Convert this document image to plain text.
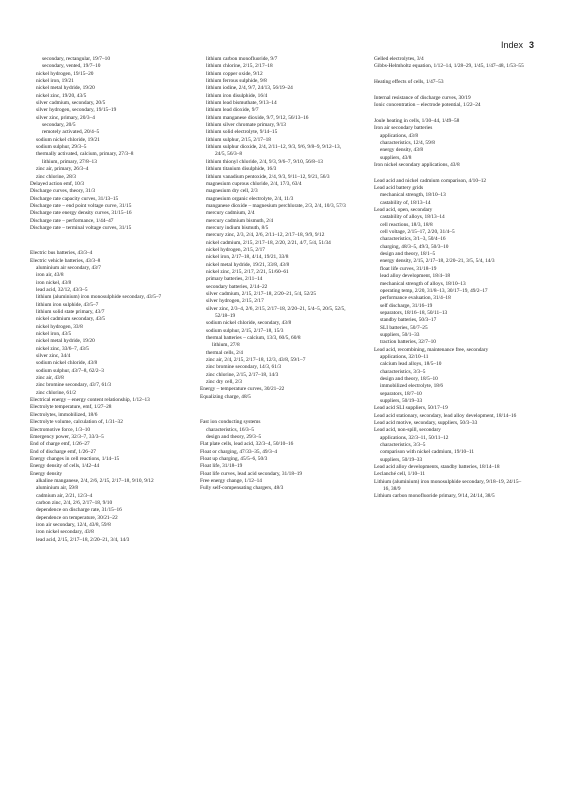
Index 3
secondary, rectangular, 19/7–10
secondary, vented, 19/7–10
nickel hydrogen, 19/15–20
nickel iron, 19/21
nickel metal hydride, 19/20
nickel zinc, 19/20, 43/5
silver cadmium, secondary, 20/5
silver hydrogen, secondary, 19/15–19
silver zinc, primary, 20/3–4
secondary, 20/5
remotely activated, 20/4–5
sodium nickel chloride, 19/21
sodium sulphur, 29/3–5
thermally activated, calcium, primary, 27/3–8
lithium, primary, 27/8–13
zinc air, primary, 26/3–4
zinc chlorine, 28/3
Delayed action emf, 10/3
Discharge curves, theory, 31/3
Discharge rate capacity curves, 31/13–15
Discharge rate – end point voltage curve, 31/15
Discharge rate energy density curves, 31/15–16
Discharge rate – performance, 1/44–47
Discharge rate – terminal voltage curves, 31/15
Electric bus batteries, 43/3–4
Electric vehicle batteries, 43/3–8
aluminium air secondary, 43/7
iron air, 43/8
iron nickel, 43/8
lead acid, 32/12, 43/3–5
lithium (aluminium) iron monosulphide secondary, 43/5–7
lithium iron sulphide, 43/5–7
lithium solid state primary, 43/7
nickel cadmium secondary, 43/5
nickel hydrogen, 33/8
nickel iron, 43/5
nickel metal hydride, 19/20
nickel zinc, 33/6–7, 43/5
silver zinc, 34/4
sodium nickel chloride, 43/8
sodium sulphur, 43/7–8, 62/2–3
zinc air, 43/8
zinc bromine secondary, 43/7, 61/3
zinc chlorine, 61/2
Electrical energy – energy content relationship, 1/12–13
Electrolyte temperature, emf, 1/27–28
Electrolytes, immobilized, 18/6
Electrolyte volume, calculation of, 1/31–32
Electromotive force, 1/3–10
Emergency power, 32/3–7, 33/3–5
End of charge emf, 1/26–27
End of discharge emf, 1/26–27
Energy changes in cell reactions, 1/14–15
Energy density of cells, 1/42–44
Energy density
alkaline manganese, 2/4, 2/6, 2/15, 2/17–18, 9/10, 9/12
aluminium air, 59/8
cadmium air, 2/21, 12/3–4
carbon zinc, 2/4, 2/6, 2/17–18, 9/10
dependence on discharge rate, 31/15–16
dependence on temperature, 30/21–22
iron air secondary, 12/4, 43/8, 59/8
iron nickel secondary, 43/8
lead acid, 2/15, 2/17–18, 2/20–21, 3/4, 14/3
lithium carbon monofluoride, 9/7
lithium chlorine, 2/15, 2/17–18
lithium copper oxide, 9/12
lithium ferrous sulphide, 9/8
lithium iodine, 2/4, 9/7, 24/13, 56/19–24
lithium iron disulphide, 16/4
lithium lead bismuthate, 9/13–14
lithium lead dioxide, 9/7
lithium manganese dioxide, 9/7, 9/12, 56/13–16
lithium silver chromate primary, 9/13
lithium solid electrolyte, 9/14–15
lithium sulphur, 2/15, 2/17–18
lithium sulphur dioxide, 2/4, 2/11–12, 9/3, 9/6, 9/8–9, 9/12–13, 24/5, 56/3–8
lithium thionyl chloride, 2/4, 9/3, 9/6–7, 9/10, 56/8–13
lithium titanium disulphide, 16/3
lithium vanadium pentoxide, 2/4, 9/3, 9/11–12, 9/21, 56/3
magnesium cuprous chloride, 2/4, 17/3, 63/4
magnesium dry cell, 2/3
magnesium organic electrolyte, 2/4, 11/3
manganese dioxide – magnesium perchlorate, 2/3, 2/4, 10/3, 57/3
mercury cadmium, 2/4
mercury cadmium bismuth, 2/4
mercury indium bismuth, 8/5
mercury zinc, 2/3, 2/4, 2/6, 2/11–12, 2/17–18, 9/9, 9/12
nickel cadmium, 2/15, 2/17–18, 2/20, 2/21, 4/7, 5/4, 51/34
nickel hydrogen, 2/15, 2/17
nickel iron, 2/17–18, 4/14, 19/21, 33/8
nickel metal hydride, 19/21, 33/8, 43/8
nickel zinc, 2/15, 2/17, 2/21, 51/60–61
primary batteries, 2/11–14
secondary batteries, 2/14–22
silver cadmium, 2/15, 2/17–18, 2/20–21, 5/4, 52/25
silver hydrogen, 2/15, 2/17
silver zinc, 2/3–4, 2/6, 2/15, 2/17–18, 2/20–21, 5/4–5, 20/5, 52/5, 52/18–19
sodium nickel chloride, secondary, 43/8
sodium sulphur, 2/15, 2/17–18, 15/3
thermal batteries – calcium, 13/3, 60/5, 60/8
lithium, 27/8
thermal cells, 2/4
zinc air, 2/4, 2/15, 2/17–18, 12/3, 43/8, 59/1–7
zinc bromine secondary, 14/3, 61/3
zinc chlorine, 2/15, 2/17–18, 14/3
zinc dry cell, 2/3
Energy – temperature curves, 30/21–22
Equalizing charge, 48/5
Fast ion conducting systems
characteristics, 16/3–5
design and theory, 29/3–5
Flat plate cells, lead acid, 32/3–4, 50/10–16
Float or charging, 47/33–35, 49/3–4
Float up charging, 45/5–6, 50/3
Float life, 31/18–19
Float life curves, lead acid secondary, 31/18–19
Free energy change, 1/12–14
Fully self-compensating chargers, 48/3
Gelled electrolytes, 3/4
Gibbs-Helmholtz equation, 1/12–14, 1/28–29, 1/45, 1/47–48, 1/53–55
Heating effects of cells, 1/47–53
Internal resistance of discharge curves, 30/19
Ionic concentration – electrode potential, 1/22–24
Joule heating in cells, 1/30–44, 1/49–58
Iron air secondary batteries
applications, 43/8
characteristics, 12/4, 59/8
energy density, 43/8
suppliers, 43/8
Iron nickel secondary applications, 43/8
Lead acid and nickel cadmium comparison, 4/10–12
Lead acid battery grids
mechanical strength, 18/10–13
castability of, 18/13–14
Lead acid, open, secondary
castability of alloys, 18/13–14
cell reactions, 18/3, 18/8
cell voltage, 2/15–17, 2/20, 31/4–5
characteristics, 3/1–3, 50/4–16
charging, 48/3–5, 49/3, 50/3–10
design and theory, 18/1–5
energy density, 2/15, 2/17–18, 2/20–21, 3/5, 5/4, 14/3
float life curves, 31/18–19
lead alloy development, 18/4–18
mechanical strength of alloys, 18/10–13
operating temp, 2/20, 31/8–13, 30/17–19, 49/2–17
performance evaluation, 31/4–18
self discharge, 31/16–19
separators, 18/16–18, 50/11–13
standby batteries, 50/3–17
SLI batteries, 50/7–25
suppliers, 50/1–33
traction batteries, 32/7–10
Lead acid, recombining, maintenance free, secondary
applications, 32/10–11
calcium lead alloys, 18/5–10
characteristics, 3/3–5
design and theory, 18/5–10
immobilized electrolyte, 18/6
separators, 18/7–10
suppliers, 50/19–33
Lead acid SLI suppliers, 50/17–19
Lead acid stationary, secondary, lead alloy development, 18/14–16
Lead acid motive, secondary, suppliers, 50/3–33
Lead acid, non-spill, secondary
applications, 32/3–11, 50/11–12
characteristics, 3/3–5
comparison with nickel cadmium, 19/10–11
suppliers, 50/19–33
Lead acid alloy developments, standby batteries, 18/14–18
Leclanché cell, 1/10–11
Lithium (aluminium) iron monosulphide secondary, 9/18–19, 24/15–16, 38/9
Lithium carbon monofluoride primary, 9/14, 24/14, 38/5
